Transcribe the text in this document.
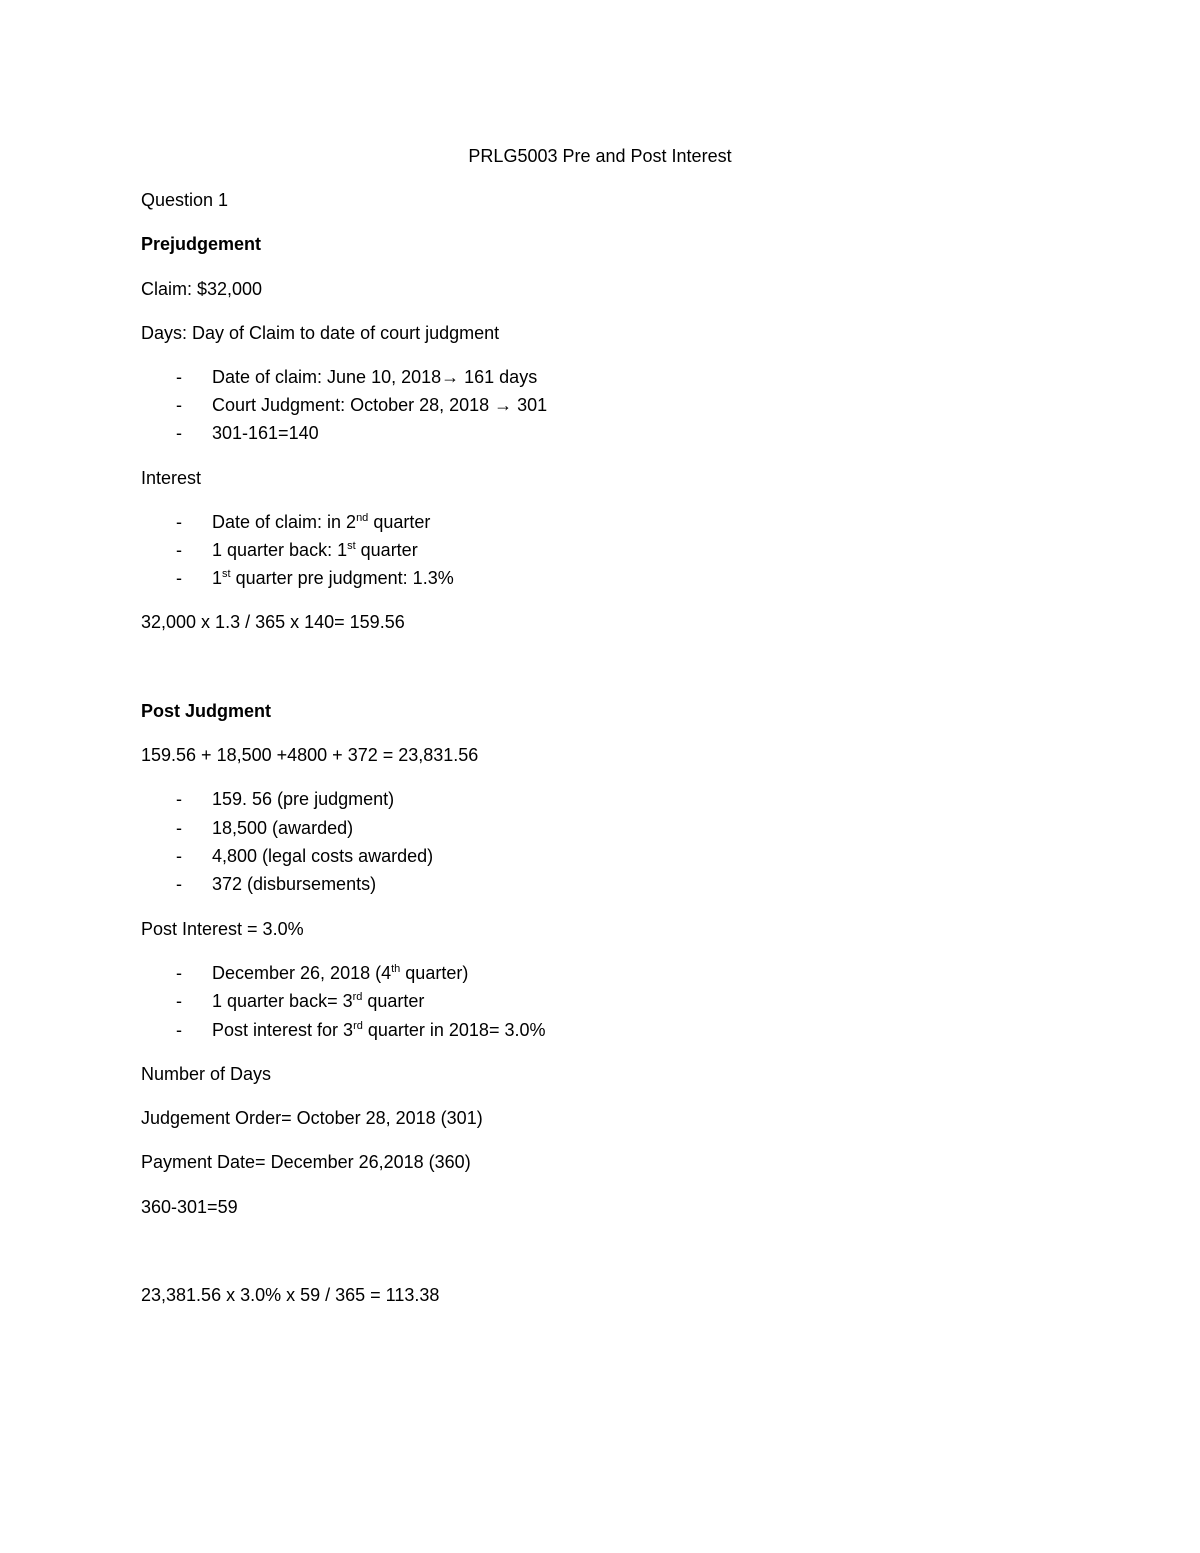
PRLG5003 Pre and Post Interest
Question 1
Prejudgement
Claim: $32,000
Days: Day of Claim to date of court judgment
- Date of claim: June 10, 2018→ 161 days
- Court Judgment: October 28, 2018 → 301
- 301-161=140
Interest
- Date of claim: in 2nd quarter
- 1 quarter back: 1st quarter
- 1st quarter pre judgment: 1.3%
32,000 x 1.3 / 365 x 140= 159.56
Post Judgment
159.56 + 18,500 +4800 + 372 = 23,831.56
- 159. 56 (pre judgment)
- 18,500 (awarded)
- 4,800 (legal costs awarded)
- 372 (disbursements)
Post Interest = 3.0%
- December 26, 2018 (4th quarter)
- 1 quarter back= 3rd quarter
- Post interest for 3rd quarter in 2018= 3.0%
Number of Days
Judgement Order= October 28, 2018 (301)
Payment Date= December 26,2018 (360)
360-301=59
23,381.56 x 3.0% x 59 / 365 = 113.38
